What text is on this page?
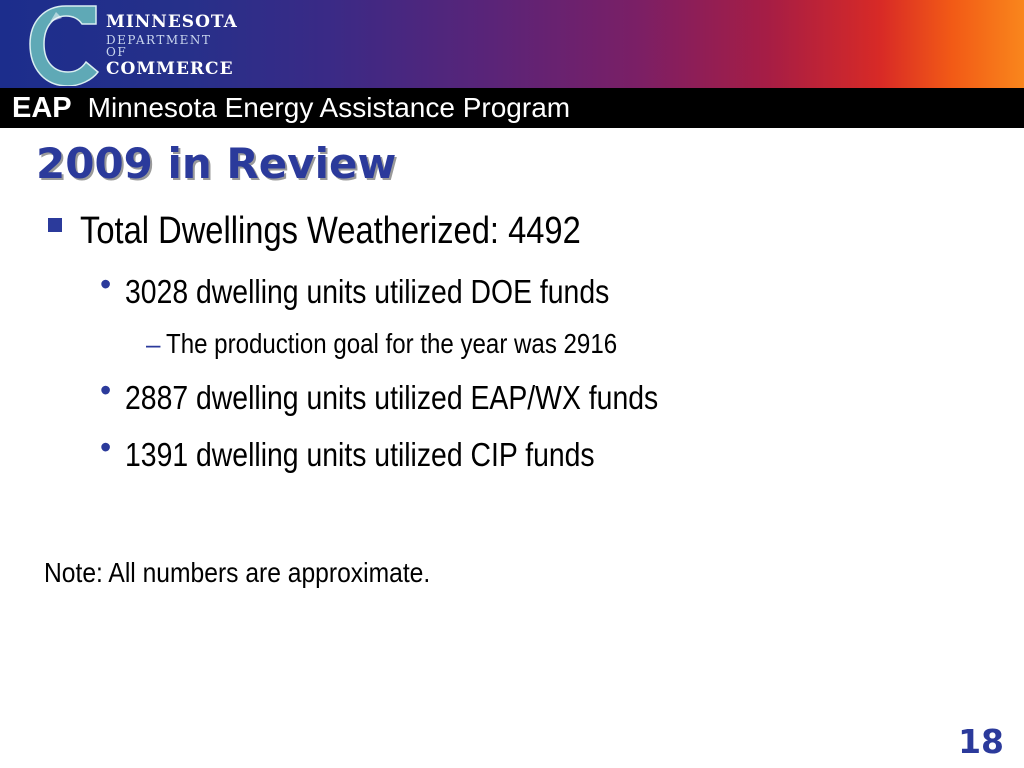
MINNESOTA
DEPARTMENT OF
COMMERCE
EAP Minnesota Energy Assistance Program
2009 in Review
Total Dwellings Weatherized: 4492
• 3028 dwelling units utilized DOE funds
– The production goal for the year was 2916
• 2887 dwelling units utilized EAP/WX funds
• 1391 dwelling units utilized CIP funds
Note: All numbers are approximate.
18
